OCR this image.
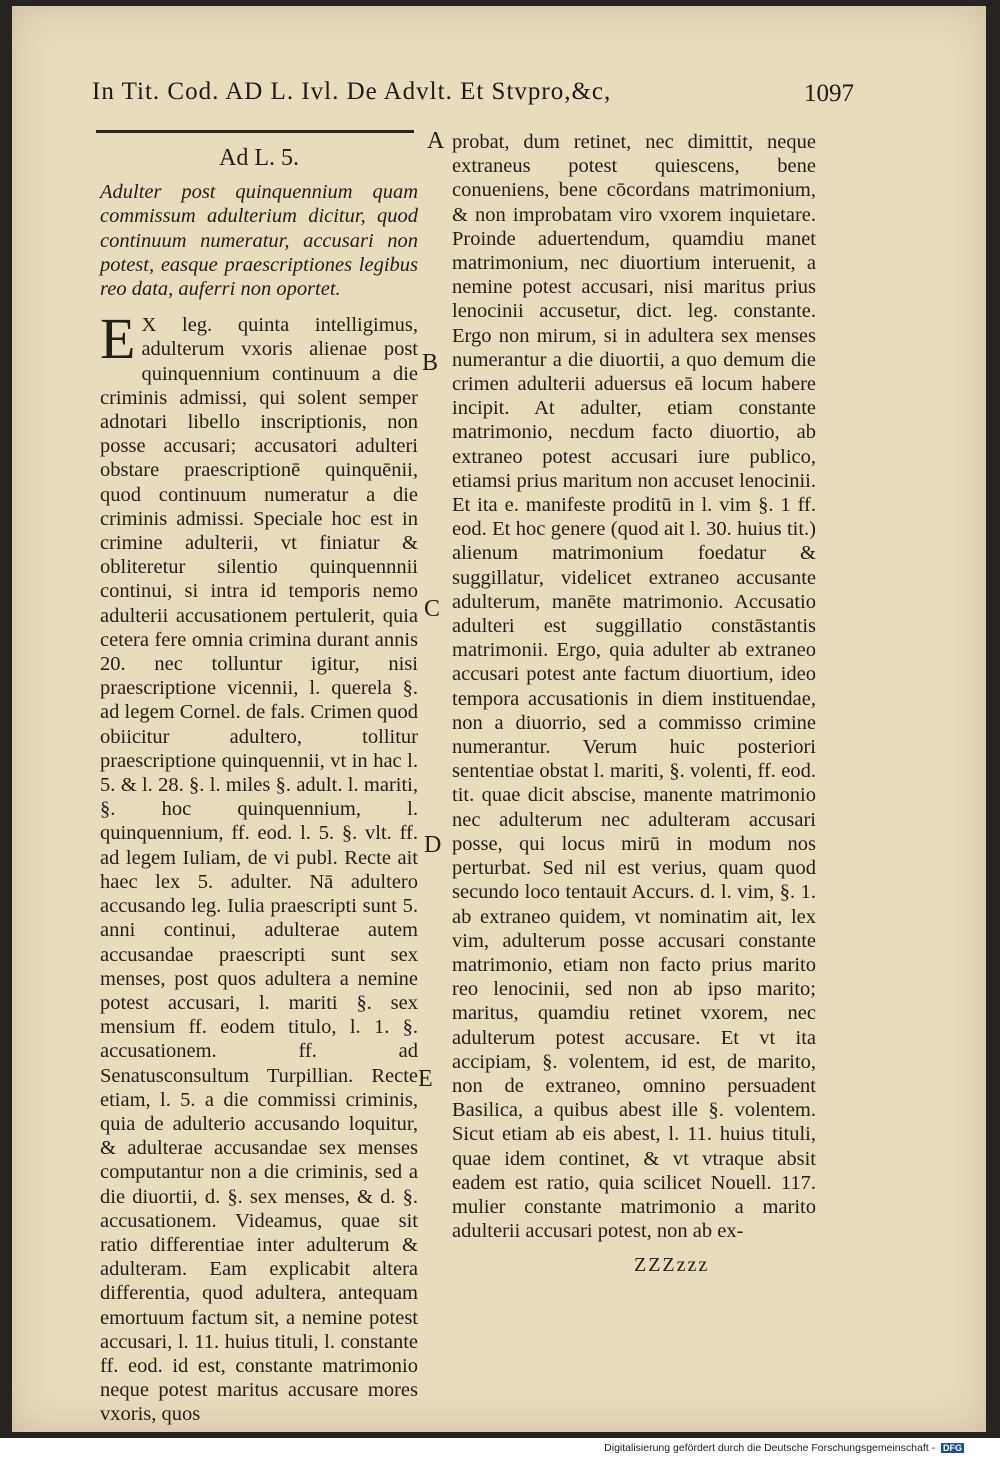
In Tit. Cod. AD L. Ivl. De Advlt. Et Stvpro,&c,	1097
Ad L. 5.

Adulter post quinquennium quam commissum adulterium dicitur, quod continuum numeratur, accusari non potest, easque praescriptiones legibus reo data, auferri non oportet.

E X leg. quinta intelligimus, adulterum vxoris alienae post quinquennium continuum a die criminis admissi, qui solent semper adnotari libello inscriptionis, non posse accusari; accusatori adulteri obstare praescriptionē quinquēnii, quod continuum numeratur a die criminis admissi. Speciale hoc est in crimine adulterii, vt finiatur & obliteretur silentio quinquennnii continui, si intra id temporis nemo adulterii accusationem pertulerit, quia cetera fere omnia crimina durant annis 20. nec tolluntur igitur, nisi praescriptione vicennii, l. querela §. ad legem Cornel. de fals. Crimen quod obiicitur adultero, tollitur praescriptione quinquennii, vt in hac l. 5. & l. 28. §. l. miles §. adult. l. mariti, §. hoc quinquennium, l. quinquennium, ff. eod. l. 5. §. vlt. ff. ad legem Iuliam, de vi publ. Recte ait haec lex 5. adulter. Nā adultero accusando leg. Iulia praescripti sunt 5. anni continui, adulterae autem accusandae praescripti sunt sex menses, post quos adultera a nemine potest accusari, l. mariti §. sex mensium ff. eodem titulo, l. 1. §. accusationem. ff. ad Senatusconsultum Turpillian. Recte etiam, l. 5. a die commissi criminis, quia de adulterio accusando loquitur, & adulterae accusandae sex menses computantur non a die criminis, sed a die diuortii, d. §. sex menses, & d. §. accusationem. Videamus, quae sit ratio differentiae inter adulterum & adulteram. Eam explicabit altera differentia, quod adultera, antequam emortuum factum sit, a nemine potest accusari, l. 11. huius tituli, l. constante ff. eod. id est, constante matrimonio neque potest maritus accusare mores vxoris, quos

probat, dum retinet, nec dimittit, neque extraneus potest quiescens, bene conueniens, bene cōcordans matrimonium, & non improbatam viro vxorem inquietare. Proinde aduertendum, quamdiu manet matrimonium, nec diuortium interuenit, a nemine potest accusari, nisi maritus prius lenocinii accusetur, dict. leg. constante. Ergo non mirum, si in adultera sex menses numerantur a die diuortii, a quo demum die crimen adulterii aduersus eā locum habere incipit. At adulter, etiam constante matrimonio, necdum facto diuortio, ab extraneo potest accusari iure publico, etiamsi prius maritum non accuset lenocinii. Et ita e. manifeste proditū in l. vim §. 1 ff. eod. Et hoc genere (quod ait l. 30. huius tit.) alienum matrimonium foedatur & suggillatur, videlicet extraneo accusante adulterum, manēte matrimonio. Accusatio adulteri est suggillatio constāstantis matrimonii. Ergo, quia adulter ab extraneo accusari potest ante factum diuortium, ideo tempora accusationis in diem instituendae, non a diuorrio, sed a commisso crimine numerantur. Verum huic posteriori sententiae obstat l. mariti, §. volenti, ff. eod. tit. quae dicit abscise, manente matrimonio nec adulterum nec adulteram accusari posse, qui locus mirū in modum nos perturbat. Sed nil est verius, quam quod secundo loco tentauit Accurs. d. l. vim, §. 1. ab extraneo quidem, vt nominatim ait, lex vim, adulterum posse accusari constante matrimonio, etiam non facto prius marito reo lenocinii, sed non ab ipso marito; maritus, quamdiu retinet vxorem, nec adulterum potest accusare. Et vt ita accipiam, §. volentem, id est, de marito, non de extraneo, omnino persuadent Basilica, a quibus abest ille §. volentem. Sicut etiam ab eis abest, l. 11. huius tituli, quae idem continet, & vt vtraque absit eadem est ratio, quia scilicet Nouell. 117. mulier constante matrimonio a marito adulterii accusari potest, non ab ex-

A
B
C
D
E
ZZZzzz
Digitalisierung gefördert durch die Deutsche Forschungsgemeinschaft - DFG
